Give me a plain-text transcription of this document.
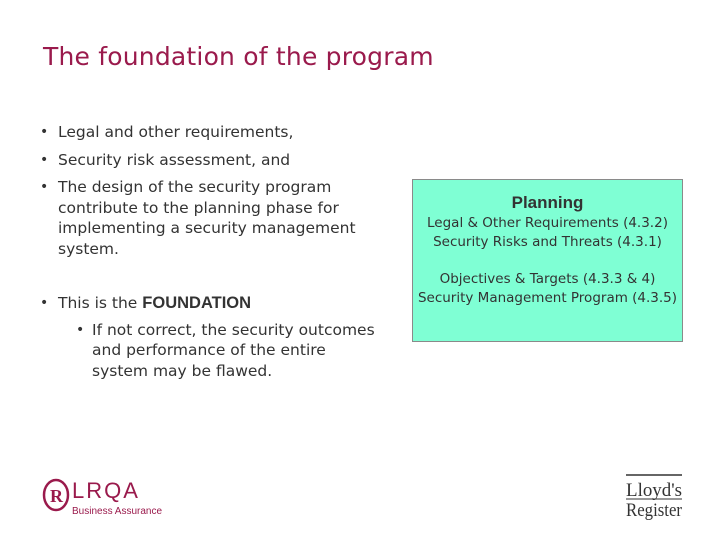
The foundation of the program
• Legal and other requirements,
• Security risk assessment, and
• The design of the security program contribute to the planning phase for implementing a security management system.
• This is the FOUNDATION
• If not correct, the security outcomes and performance of the entire system may be flawed.
Planning
Legal & Other Requirements (4.3.2)
Security Risks and Threats (4.3.1)
Objectives & Targets (4.3.3 & 4)
Security Management Program (4.3.5)
R LRQA
Business Assurance
Lloyd's
Register
